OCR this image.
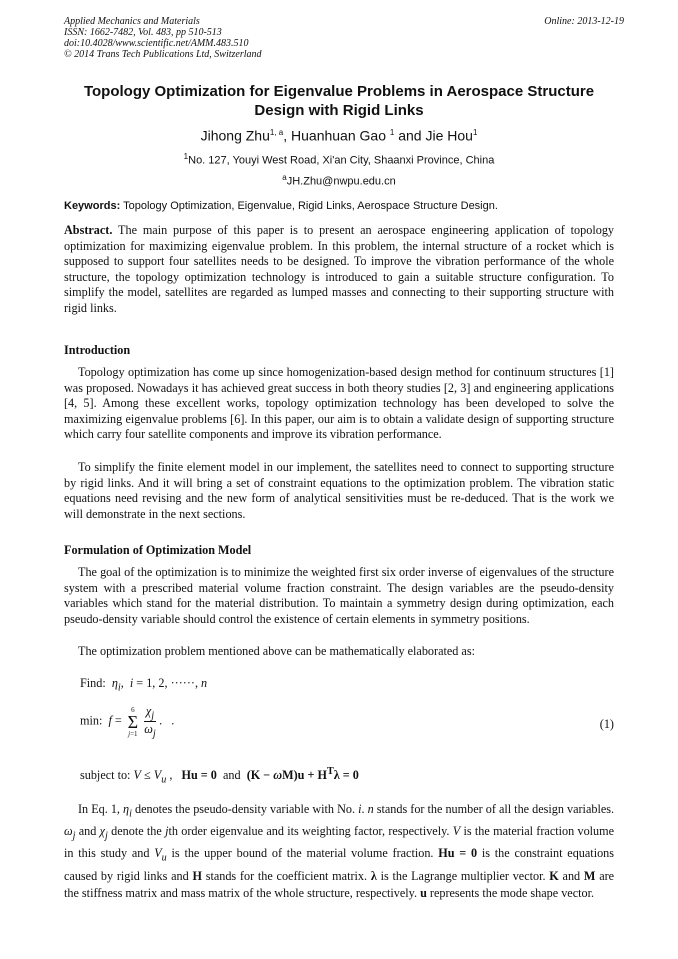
Applied Mechanics and Materials
ISSN: 1662-7482, Vol. 483, pp 510-513
doi:10.4028/www.scientific.net/AMM.483.510
© 2014 Trans Tech Publications Ltd, Switzerland
Online: 2013-12-19
Topology Optimization for Eigenvalue Problems in Aerospace Structure
Design with Rigid Links
Jihong Zhu$^{1, a}$, Huanhuan Gao $^1$ and Jie Hou$^1$
$^1$No. 127, Youyi West Road, Xi'an City, Shaanxi Province, China
$^a$JH.Zhu@nwpu.edu.cn
Keywords: Topology Optimization, Eigenvalue, Rigid Links, Aerospace Structure Design.
Abstract. The main purpose of this paper is to present an aerospace engineering application of topology optimization for maximizing eigenvalue problem. In this problem, the internal structure of a rocket which is supposed to support four satellites needs to be designed. To improve the vibration performance of the whole structure, the topology optimization technology is introduced to gain a suitable structure configuration. To simplify the model, satellites are regarded as lumped masses and connecting to their supporting structure with rigid links.
Introduction
Topology optimization has come up since homogenization-based design method for continuum structures [1] was proposed. Nowadays it has achieved great success in both theory studies [2, 3] and engineering applications [4, 5]. Among these excellent works, topology optimization technology has been developed to solve the maximizing eigenvalue problems [6]. In this paper, our aim is to obtain a validate design of supporting structure which carry four satellite components and improve its vibration performance.
To simplify the finite element model in our implement, the satellites need to connect to supporting structure by rigid links. And it will bring a set of constraint equations to the optimization problem. The vibration static equations need revising and the new form of analytical sensitivities must be re-deduced. That is the work we will demonstrate in the next sections.
Formulation of Optimization Model
The goal of the optimization is to minimize the weighted first six order inverse of eigenvalues of the structure system with a prescribed material volume fraction constraint. The design variables are the pseudo-density variables which stand for the material distribution. To maintain a symmetry design during optimization, each pseudo-density variable should control the existence of certain elements in symmetry positions.
The optimization problem mentioned above can be mathematically elaborated as:
Find: $\eta_i$,  i = 1, 2, ······, n
min: f =
6
Σ
j=1
$\frac{\chi_j}{\omega_j}$ .   .	(1)
subject to: $V \le V_u$ ,   Hu = 0 and $(K - \omega M)u + H^T\lambda = 0$
In Eq. 1, $\eta_i$ denotes the pseudo-density variable with No. i. n stands for the number of all the design variables. $\omega_j$ and $\chi_j$ denote the jth order eigenvalue and its weighting factor, respectively. V is the material fraction volume in this study and $V_u$ is the upper bound of the material volume fraction. Hu = 0 is the constraint equations caused by rigid links and H stands for the coefficient matrix. λ is the Lagrange multiplier vector. K and M are the stiffness matrix and mass matrix of the whole structure, respectively. u represents the mode shape vector.
